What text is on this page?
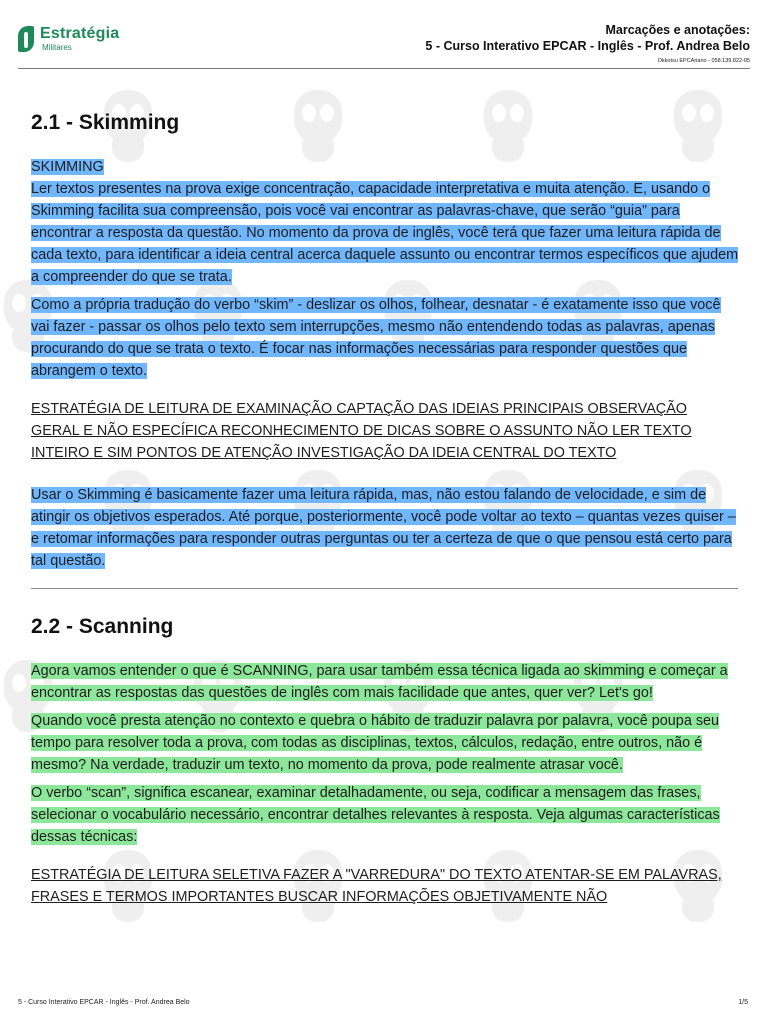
Estratégia
Militares
Marcações e anotações:
5 - Curso Interativo EPCAR - Inglês - Prof. Andrea Belo
Okkotsu EPCAriano - 058.139.822-05
2.1 - Skimming

SKIMMING

Ler textos presentes na prova exige concentração, capacidade interpretativa e muita atenção. E, usando o Skimming facilita sua compreensão, pois você vai encontrar as palavras-chave, que serão “guia” para encontrar a resposta da questão. No momento da prova de inglês, você terá que fazer uma leitura rápida de cada texto, para identificar a ideia central acerca daquele assunto ou encontrar termos específicos que ajudem a compreender do que se trata.

Como a própria tradução do verbo “skim” - deslizar os olhos, folhear, desnatar - é exatamente isso que você vai fazer - passar os olhos pelo texto sem interrupções, mesmo não entendendo todas as palavras, apenas procurando do que se trata o texto. É focar nas informações necessárias para responder questões que abrangem o texto.

ESTRATÉGIA DE LEITURA DE EXAMINAÇÃO CAPTAÇÃO DAS IDEIAS PRINCIPAIS OBSERVAÇÃO GERAL E NÃO ESPECÍFICA RECONHECIMENTO DE DICAS SOBRE O ASSUNTO NÃO LER TEXTO INTEIRO E SIM PONTOS DE ATENÇÃO INVESTIGAÇÃO DA IDEIA CENTRAL DO TEXTO

Usar o Skimming é basicamente fazer uma leitura rápida, mas, não estou falando de velocidade, e sim de atingir os objetivos esperados. Até porque, posteriormente, você pode voltar ao texto – quantas vezes quiser – e retomar informações para responder outras perguntas ou ter a certeza de que o que pensou está certo para tal questão.

2.2 - Scanning

Agora vamos entender o que é SCANNING, para usar também essa técnica ligada ao skimming e começar a encontrar as respostas das questões de inglês com mais facilidade que antes, quer ver? Let's go!

Quando você presta atenção no contexto e quebra o hábito de traduzir palavra por palavra, você poupa seu tempo para resolver toda a prova, com todas as disciplinas, textos, cálculos, redação, entre outros, não é mesmo? Na verdade, traduzir um texto, no momento da prova, pode realmente atrasar você.

O verbo “scan”, significa escanear, examinar detalhadamente, ou seja, codificar a mensagem das frases, selecionar o vocabulário necessário, encontrar detalhes relevantes à resposta. Veja algumas características dessas técnicas:

ESTRATÉGIA DE LEITURA SELETIVA FAZER A "VARREDURA" DO TEXTO ATENTAR-SE EM PALAVRAS, FRASES E TERMOS IMPORTANTES BUSCAR INFORMAÇÕES OBJETIVAMENTE NÃO

5 - Curso Interativo EPCAR - Inglês - Prof. Andrea Belo	1/5
